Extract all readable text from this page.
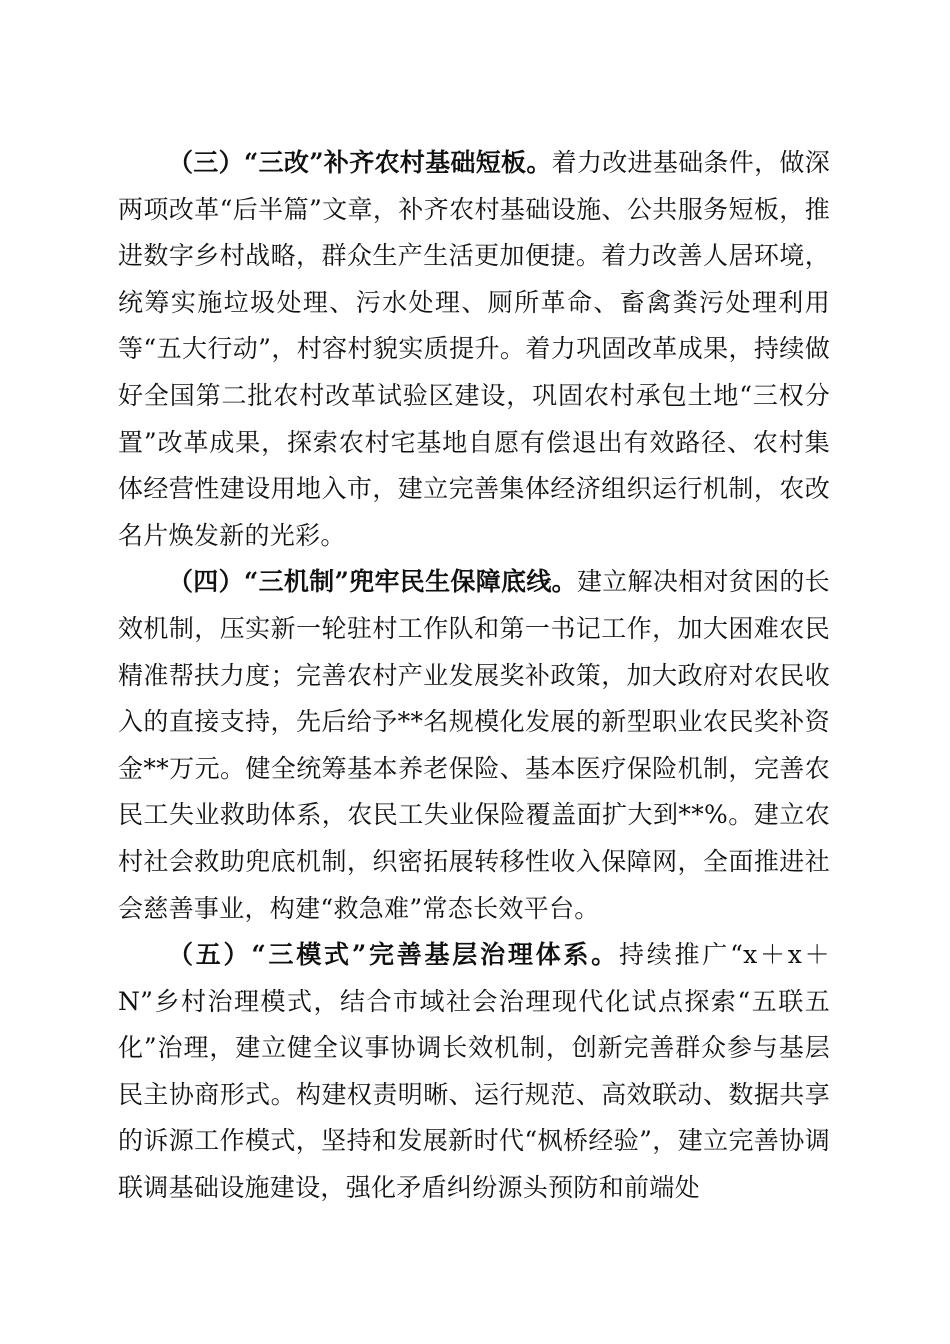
（三）“三改”补齐农村基础短板。着力改进基础条件，做深两项改革“后半篇”文章，补齐农村基础设施、公共服务短板，推进数字乡村战略，群众生产生活更加便捷。着力改善人居环境，统筹实施垃圾处理、污水处理、厕所革命、畜禽粪污处理利用等“五大行动”，村容村貌实质提升。着力巩固改革成果，持续做好全国第二批农村改革试验区建设，巩固农村承包土地“三权分置”改革成果，探索农村宅基地自愿有偿退出有效路径、农村集体经营性建设用地入市，建立完善集体经济组织运行机制，农改名片焕发新的光彩。

（四）“三机制”兜牢民生保障底线。建立解决相对贫困的长效机制，压实新一轮驻村工作队和第一书记工作，加大困难农民精准帮扶力度；完善农村产业发展奖补政策，加大政府对农民收入的直接支持，先后给予**名规模化发展的新型职业农民奖补资金**万元。健全统筹基本养老保险、基本医疗保险机制，完善农民工失业救助体系，农民工失业保险覆盖面扩大到**%。建立农村社会救助兜底机制，织密拓展转移性收入保障网，全面推进社会慈善事业，构建“救急难”常态长效平台。

（五）“三模式”完善基层治理体系。持续推广“x＋x＋N”乡村治理模式，结合市域社会治理现代化试点探索“五联五化”治理，建立健全议事协调长效机制，创新完善群众参与基层民主协商形式。构建权责明晰、运行规范、高效联动、数据共享的诉源工作模式，坚持和发展新时代“枫桥经验”，建立完善协调联调基础设施建设，强化矛盾纠纷源头预防和前端处
